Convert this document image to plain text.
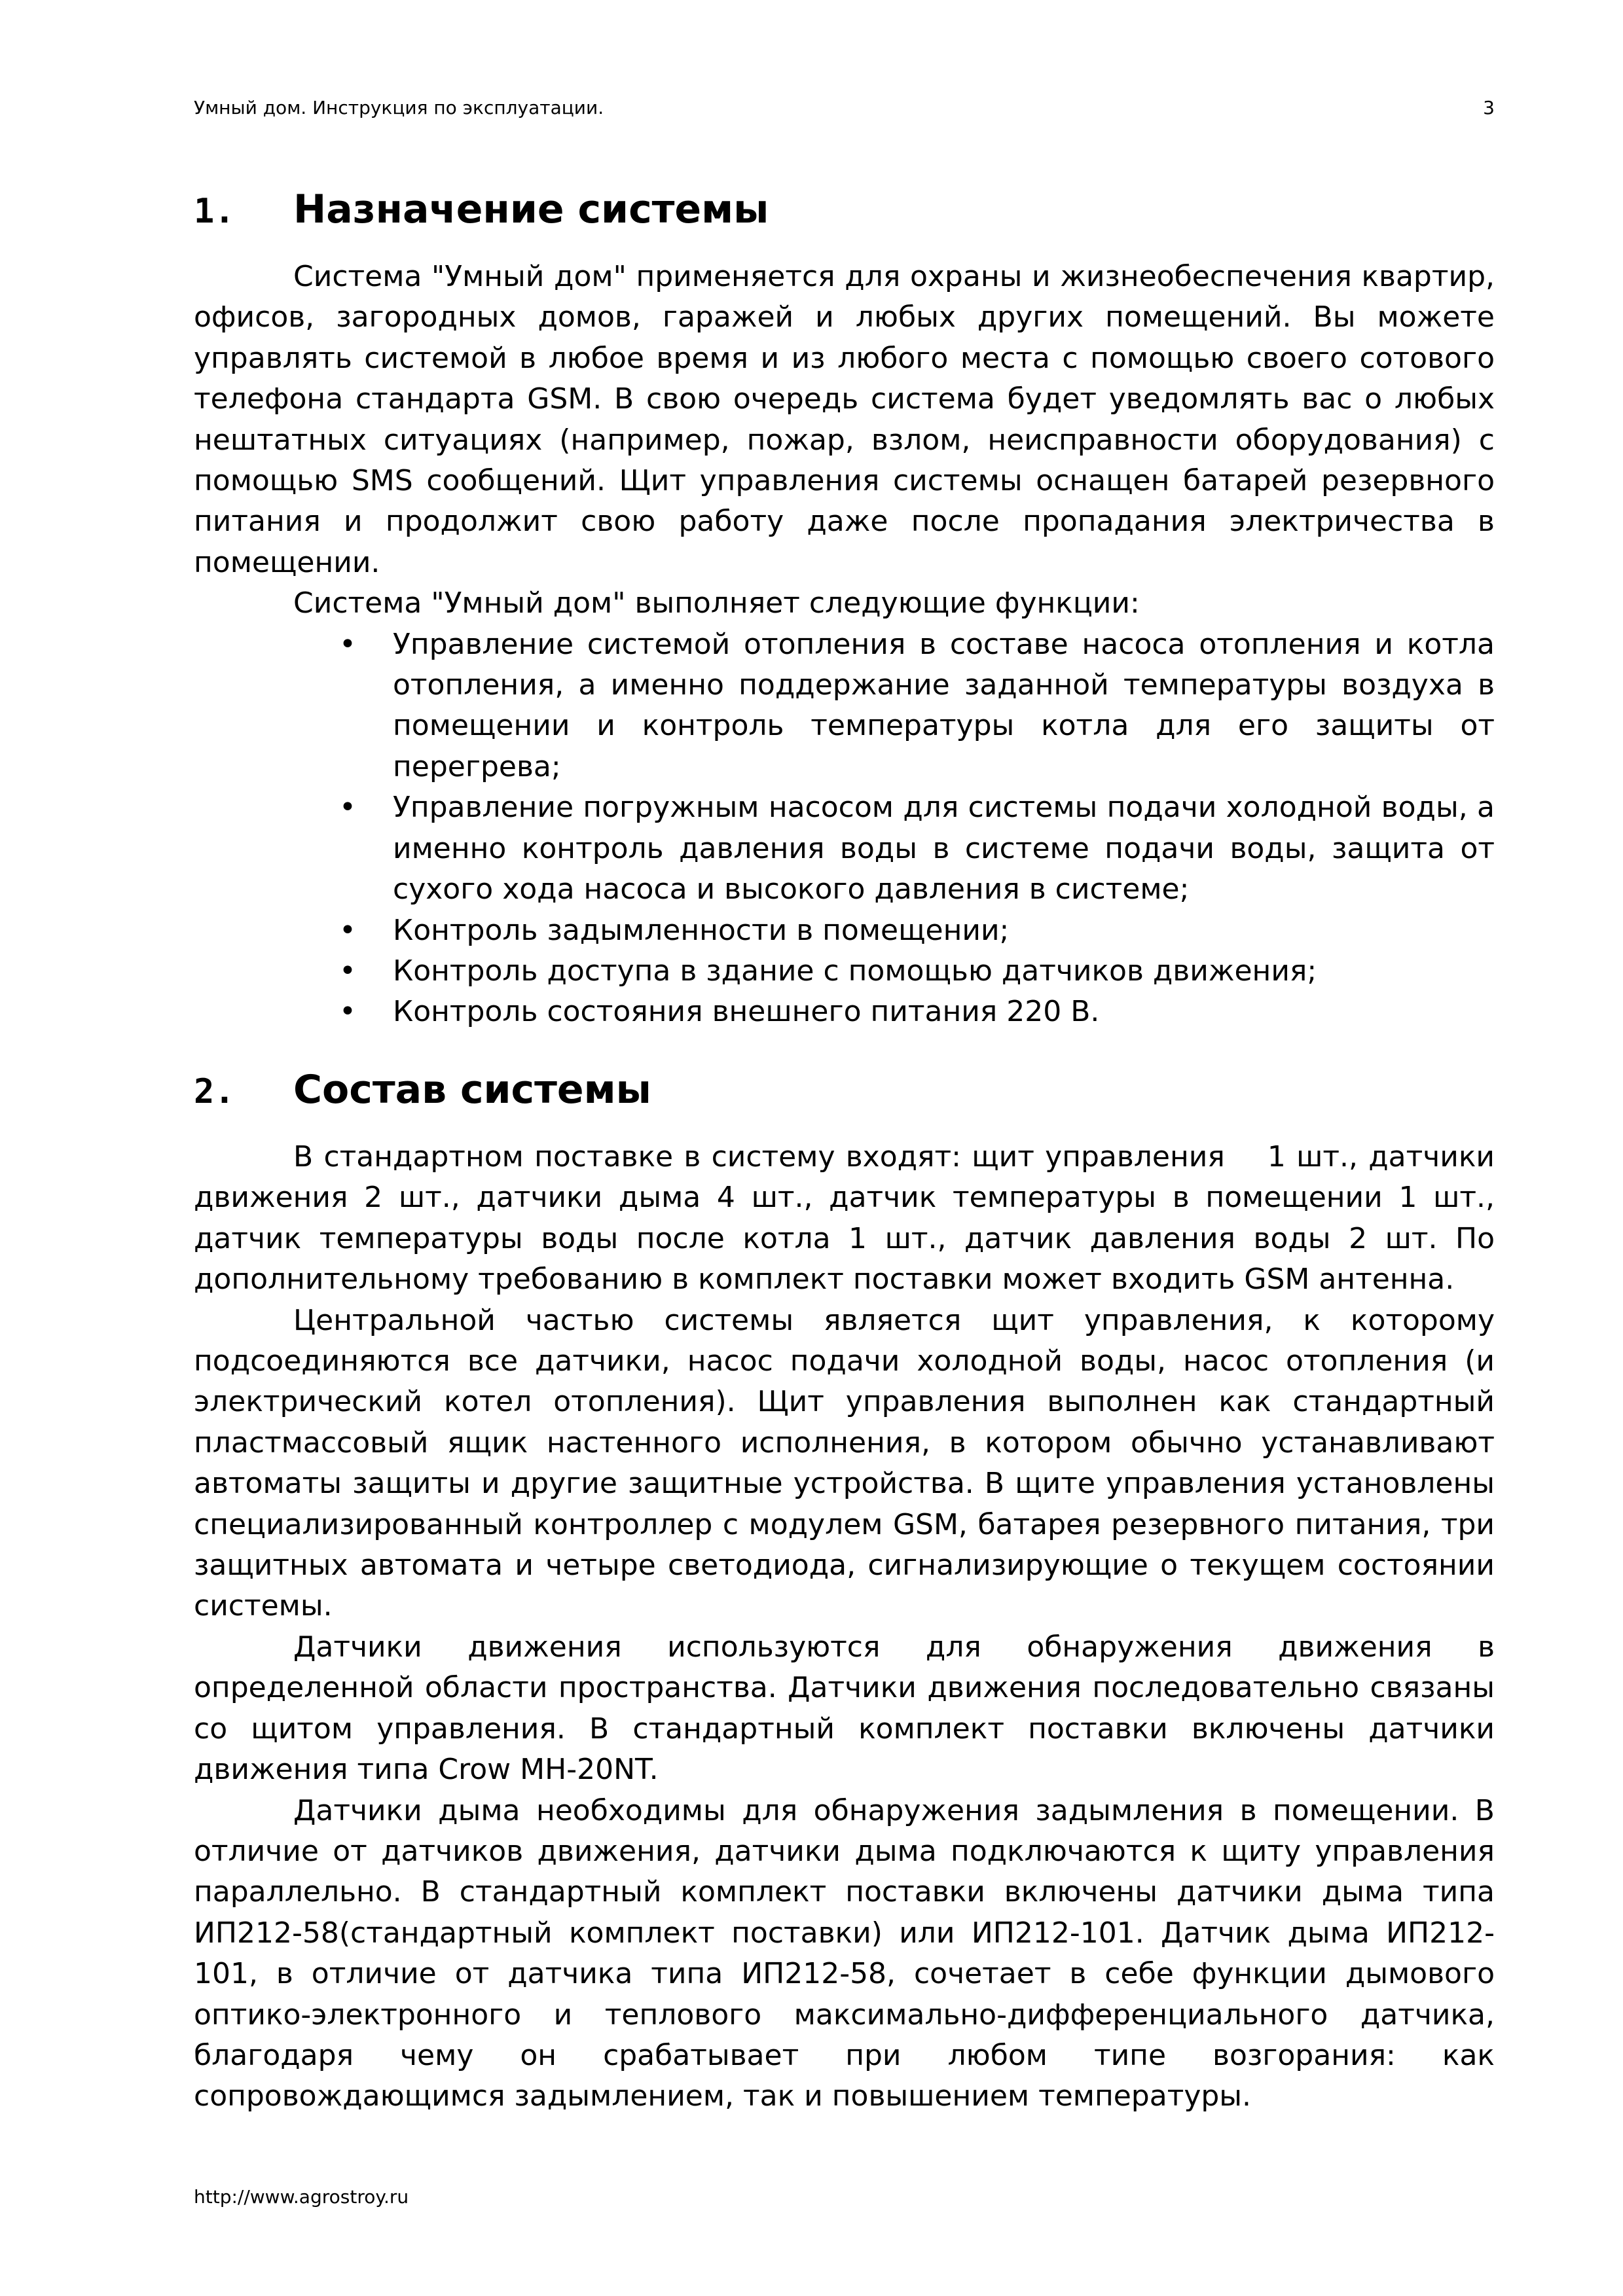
Умный дом. Инструкция по эксплуатации.	3
1.	Назначение системы

Система "Умный дом" применяется для охраны и жизнеобеспечения квартир, офисов, загородных домов, гаражей и любых других помещений. Вы можете управлять системой в любое время и из любого места с помощью своего сотового телефона стандарта GSM. В свою очередь система будет уведомлять вас о любых нештатных ситуациях (например, пожар, взлом, неисправности оборудования) с помощью SMS сообщений. Щит управления системы оснащен батарей резервного питания и продолжит свою работу даже после пропадания электричества в помещении.

Система "Умный дом" выполняет следующие функции:

• Управление системой отопления в составе насоса отопления и котла отопления, а именно поддержание заданной температуры воздуха в помещении и контроль температуры котла для его защиты от перегрева;
• Управление погружным насосом для системы подачи холодной воды, а именно контроль давления воды в системе подачи воды, защита от сухого хода насоса и высокого давления в системе;
• Контроль задымленности в помещении;
• Контроль доступа в здание с помощью датчиков движения;
• Контроль состояния внешнего питания 220 В.
2.	Состав системы

В стандартном поставке в систему входят: щит управления    1 шт., датчики движения 2 шт., датчики дыма 4 шт., датчик температуры в помещении 1 шт., датчик температуры воды после котла 1 шт., датчик давления воды 2 шт. По дополнительному требованию в комплект поставки может входить GSM антенна.

Центральной частью системы является щит управления, к которому подсоединяются все датчики, насос подачи холодной воды, насос отопления (и электрический котел отопления). Щит управления выполнен как стандартный пластмассовый ящик настенного исполнения, в котором обычно устанавливают автоматы защиты и другие защитные устройства. В щите управления установлены специализированный контроллер с модулем GSM, батарея резервного питания, три защитных автомата и четыре светодиода, сигнализирующие о текущем состоянии системы.

Датчики движения используются для обнаружения движения в определенной области пространства. Датчики движения последовательно связаны со щитом управления. В стандартный комплект поставки включены датчики движения типа Crow MH-20NT.

Датчики дыма необходимы для обнаружения задымления в помещении. В отличие от датчиков движения, датчики дыма подключаются к щиту управления параллельно. В стандартный комплект поставки включены датчики дыма типа ИП212-58(стандартный комплект поставки) или ИП212-101. Датчик дыма ИП212-101, в отличие от датчика типа ИП212-58, сочетает в себе функции дымового оптико-электронного и теплового максимально-дифференциального датчика, благодаря чему он срабатывает при любом типе возгорания: как сопровождающимся задымлением, так и повышением температуры.

http://www.agrostroy.ru
